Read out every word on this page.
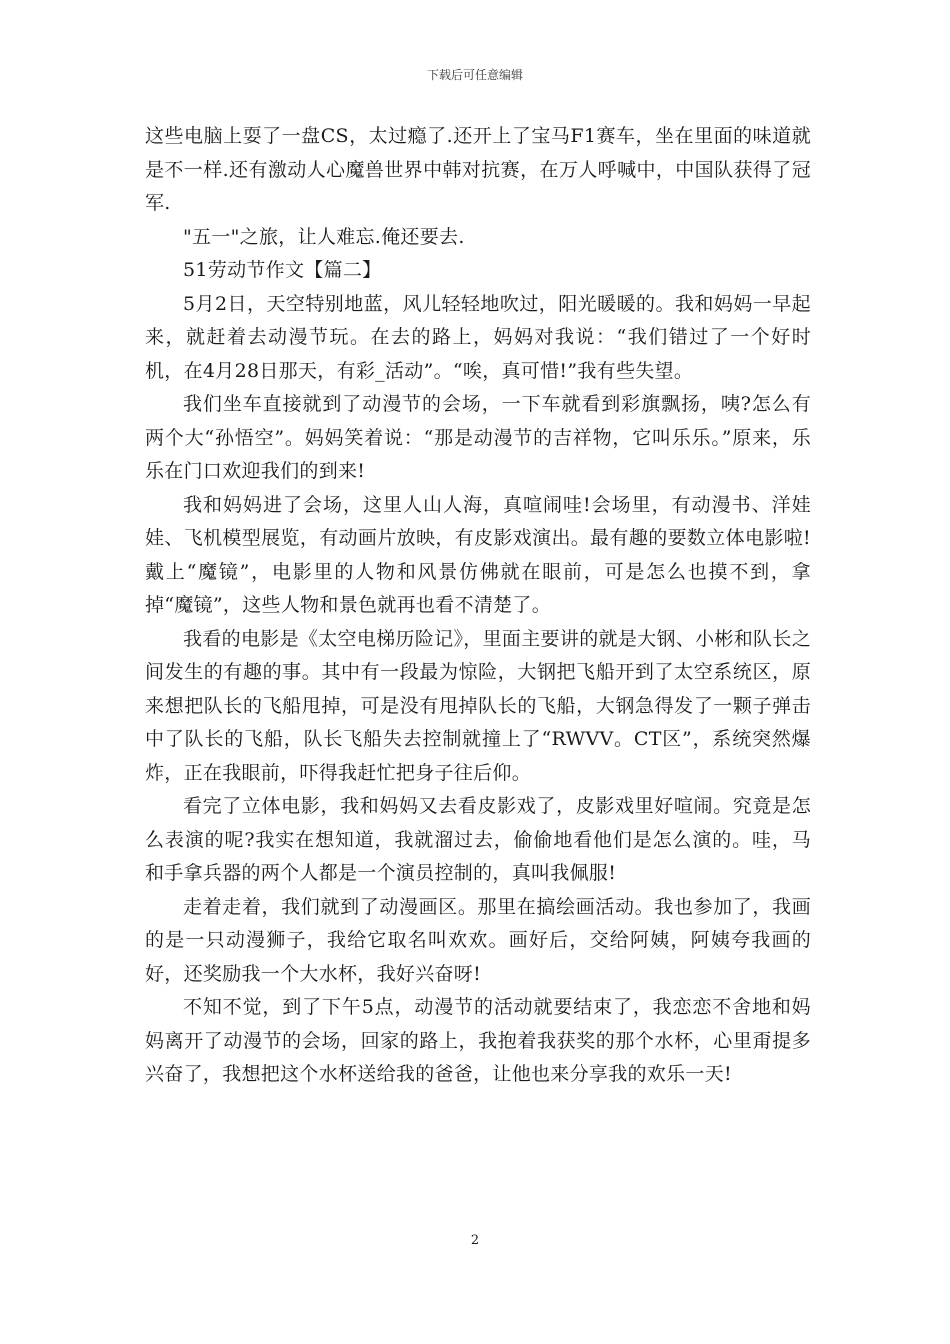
下载后可任意编辑

这些电脑上耍了一盘CS，太过瘾了.还开上了宝马F1赛车，坐在里面的味道就是不一样.还有激动人心魔兽世界中韩对抗赛，在万人呼喊中，中国队获得了冠军.

"五一"之旅，让人难忘.俺还要去.

51劳动节作文【篇二】

5月2日，天空特别地蓝，风儿轻轻地吹过，阳光暖暖的。我和妈妈一早起来，就赶着去动漫节玩。在去的路上，妈妈对我说：“我们错过了一个好时机，在4月28日那天，有彩_活动”。“唉，真可惜!”我有些失望。

我们坐车直接就到了动漫节的会场，一下车就看到彩旗飘扬，咦?怎么有两个大“孙悟空”。妈妈笑着说：“那是动漫节的吉祥物，它叫乐乐。”原来，乐乐在门口欢迎我们的到来!

我和妈妈进了会场，这里人山人海，真喧闹哇!会场里，有动漫书、洋娃娃、飞机模型展览，有动画片放映，有皮影戏演出。最有趣的要数立体电影啦!戴上“魔镜”，电影里的人物和风景仿佛就在眼前，可是怎么也摸不到，拿掉“魔镜”，这些人物和景色就再也看不清楚了。

我看的电影是《太空电梯历险记》，里面主要讲的就是大钢、小彬和队长之间发生的有趣的事。其中有一段最为惊险，大钢把飞船开到了太空系统区，原来想把队长的飞船甩掉，可是没有甩掉队长的飞船，大钢急得发了一颗子弹击中了队长的飞船，队长飞船失去控制就撞上了“RWVV。CT区”，系统突然爆炸，正在我眼前，吓得我赶忙把身子往后仰。

看完了立体电影，我和妈妈又去看皮影戏了，皮影戏里好喧闹。究竟是怎么表演的呢?我实在想知道，我就溜过去，偷偷地看他们是怎么演的。哇，马和手拿兵器的两个人都是一个演员控制的，真叫我佩服!

走着走着，我们就到了动漫画区。那里在搞绘画活动。我也参加了，我画的是一只动漫狮子，我给它取名叫欢欢。画好后，交给阿姨，阿姨夸我画的好，还奖励我一个大水杯，我好兴奋呀!

不知不觉，到了下午5点，动漫节的活动就要结束了，我恋恋不舍地和妈妈离开了动漫节的会场，回家的路上，我抱着我获奖的那个水杯，心里甭提多兴奋了，我想把这个水杯送给我的爸爸，让他也来分享我的欢乐一天!

2
